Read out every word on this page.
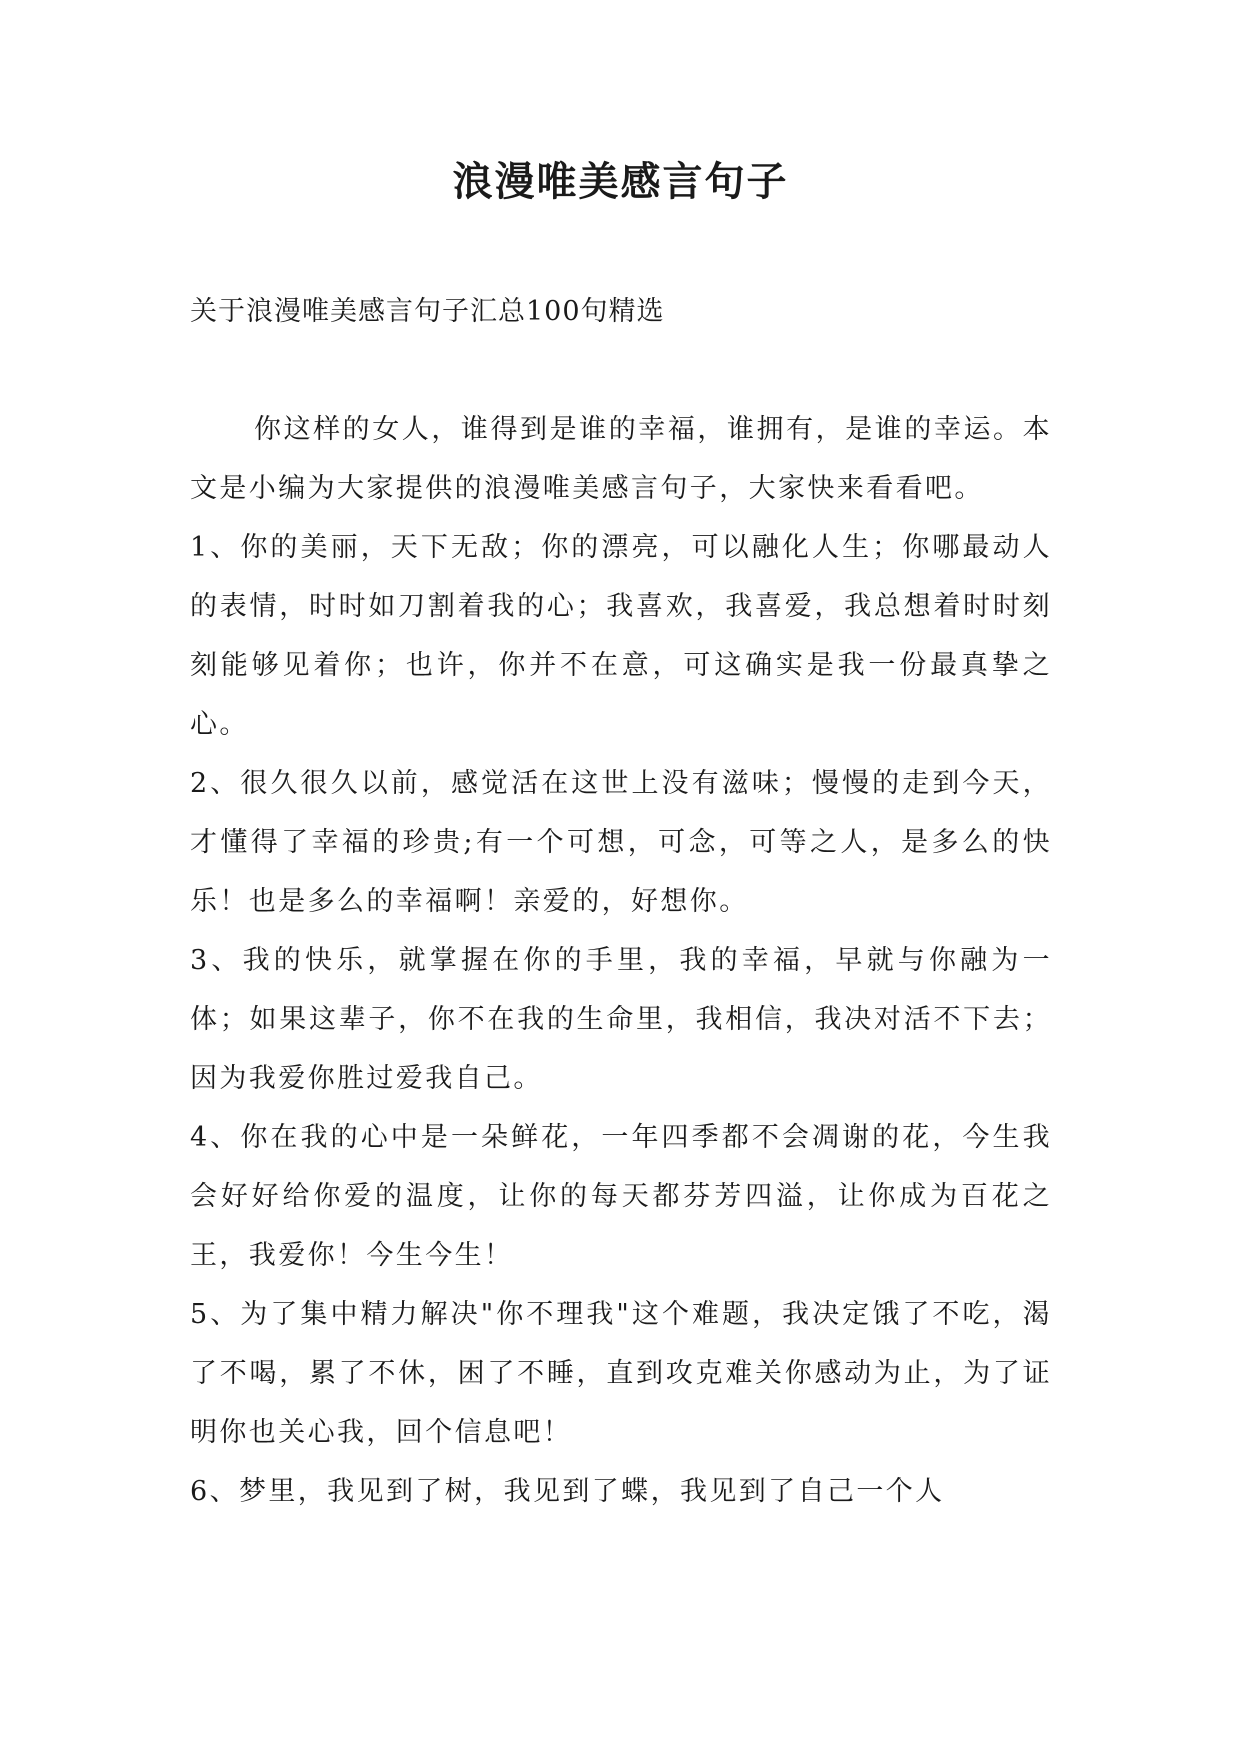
浪漫唯美感言句子
关于浪漫唯美感言句子汇总100句精选

你这样的女人，谁得到是谁的幸福，谁拥有，是谁的幸运。本文是小编为大家提供的浪漫唯美感言句子，大家快来看看吧。

1、你的美丽，天下无敌；你的漂亮，可以融化人生；你哪最动人的表情，时时如刀割着我的心；我喜欢，我喜爱，我总想着时时刻刻能够见着你；也许，你并不在意，可这确实是我一份最真挚之心。

2、很久很久以前，感觉活在这世上没有滋味；慢慢的走到今天，才懂得了幸福的珍贵;有一个可想，可念，可等之人，是多么的快乐！也是多么的幸福啊！亲爱的，好想你。

3、我的快乐，就掌握在你的手里，我的幸福，早就与你融为一体；如果这辈子，你不在我的生命里，我相信，我决对活不下去；因为我爱你胜过爱我自己。

4、你在我的心中是一朵鲜花，一年四季都不会凋谢的花，今生我会好好给你爱的温度，让你的每天都芬芳四溢，让你成为百花之王，我爱你！今生今生！

5、为了集中精力解决"你不理我"这个难题，我决定饿了不吃，渴了不喝，累了不休，困了不睡，直到攻克难关你感动为止，为了证明你也关心我，回个信息吧！

6、梦里，我见到了树，我见到了蝶，我见到了自己一个人
